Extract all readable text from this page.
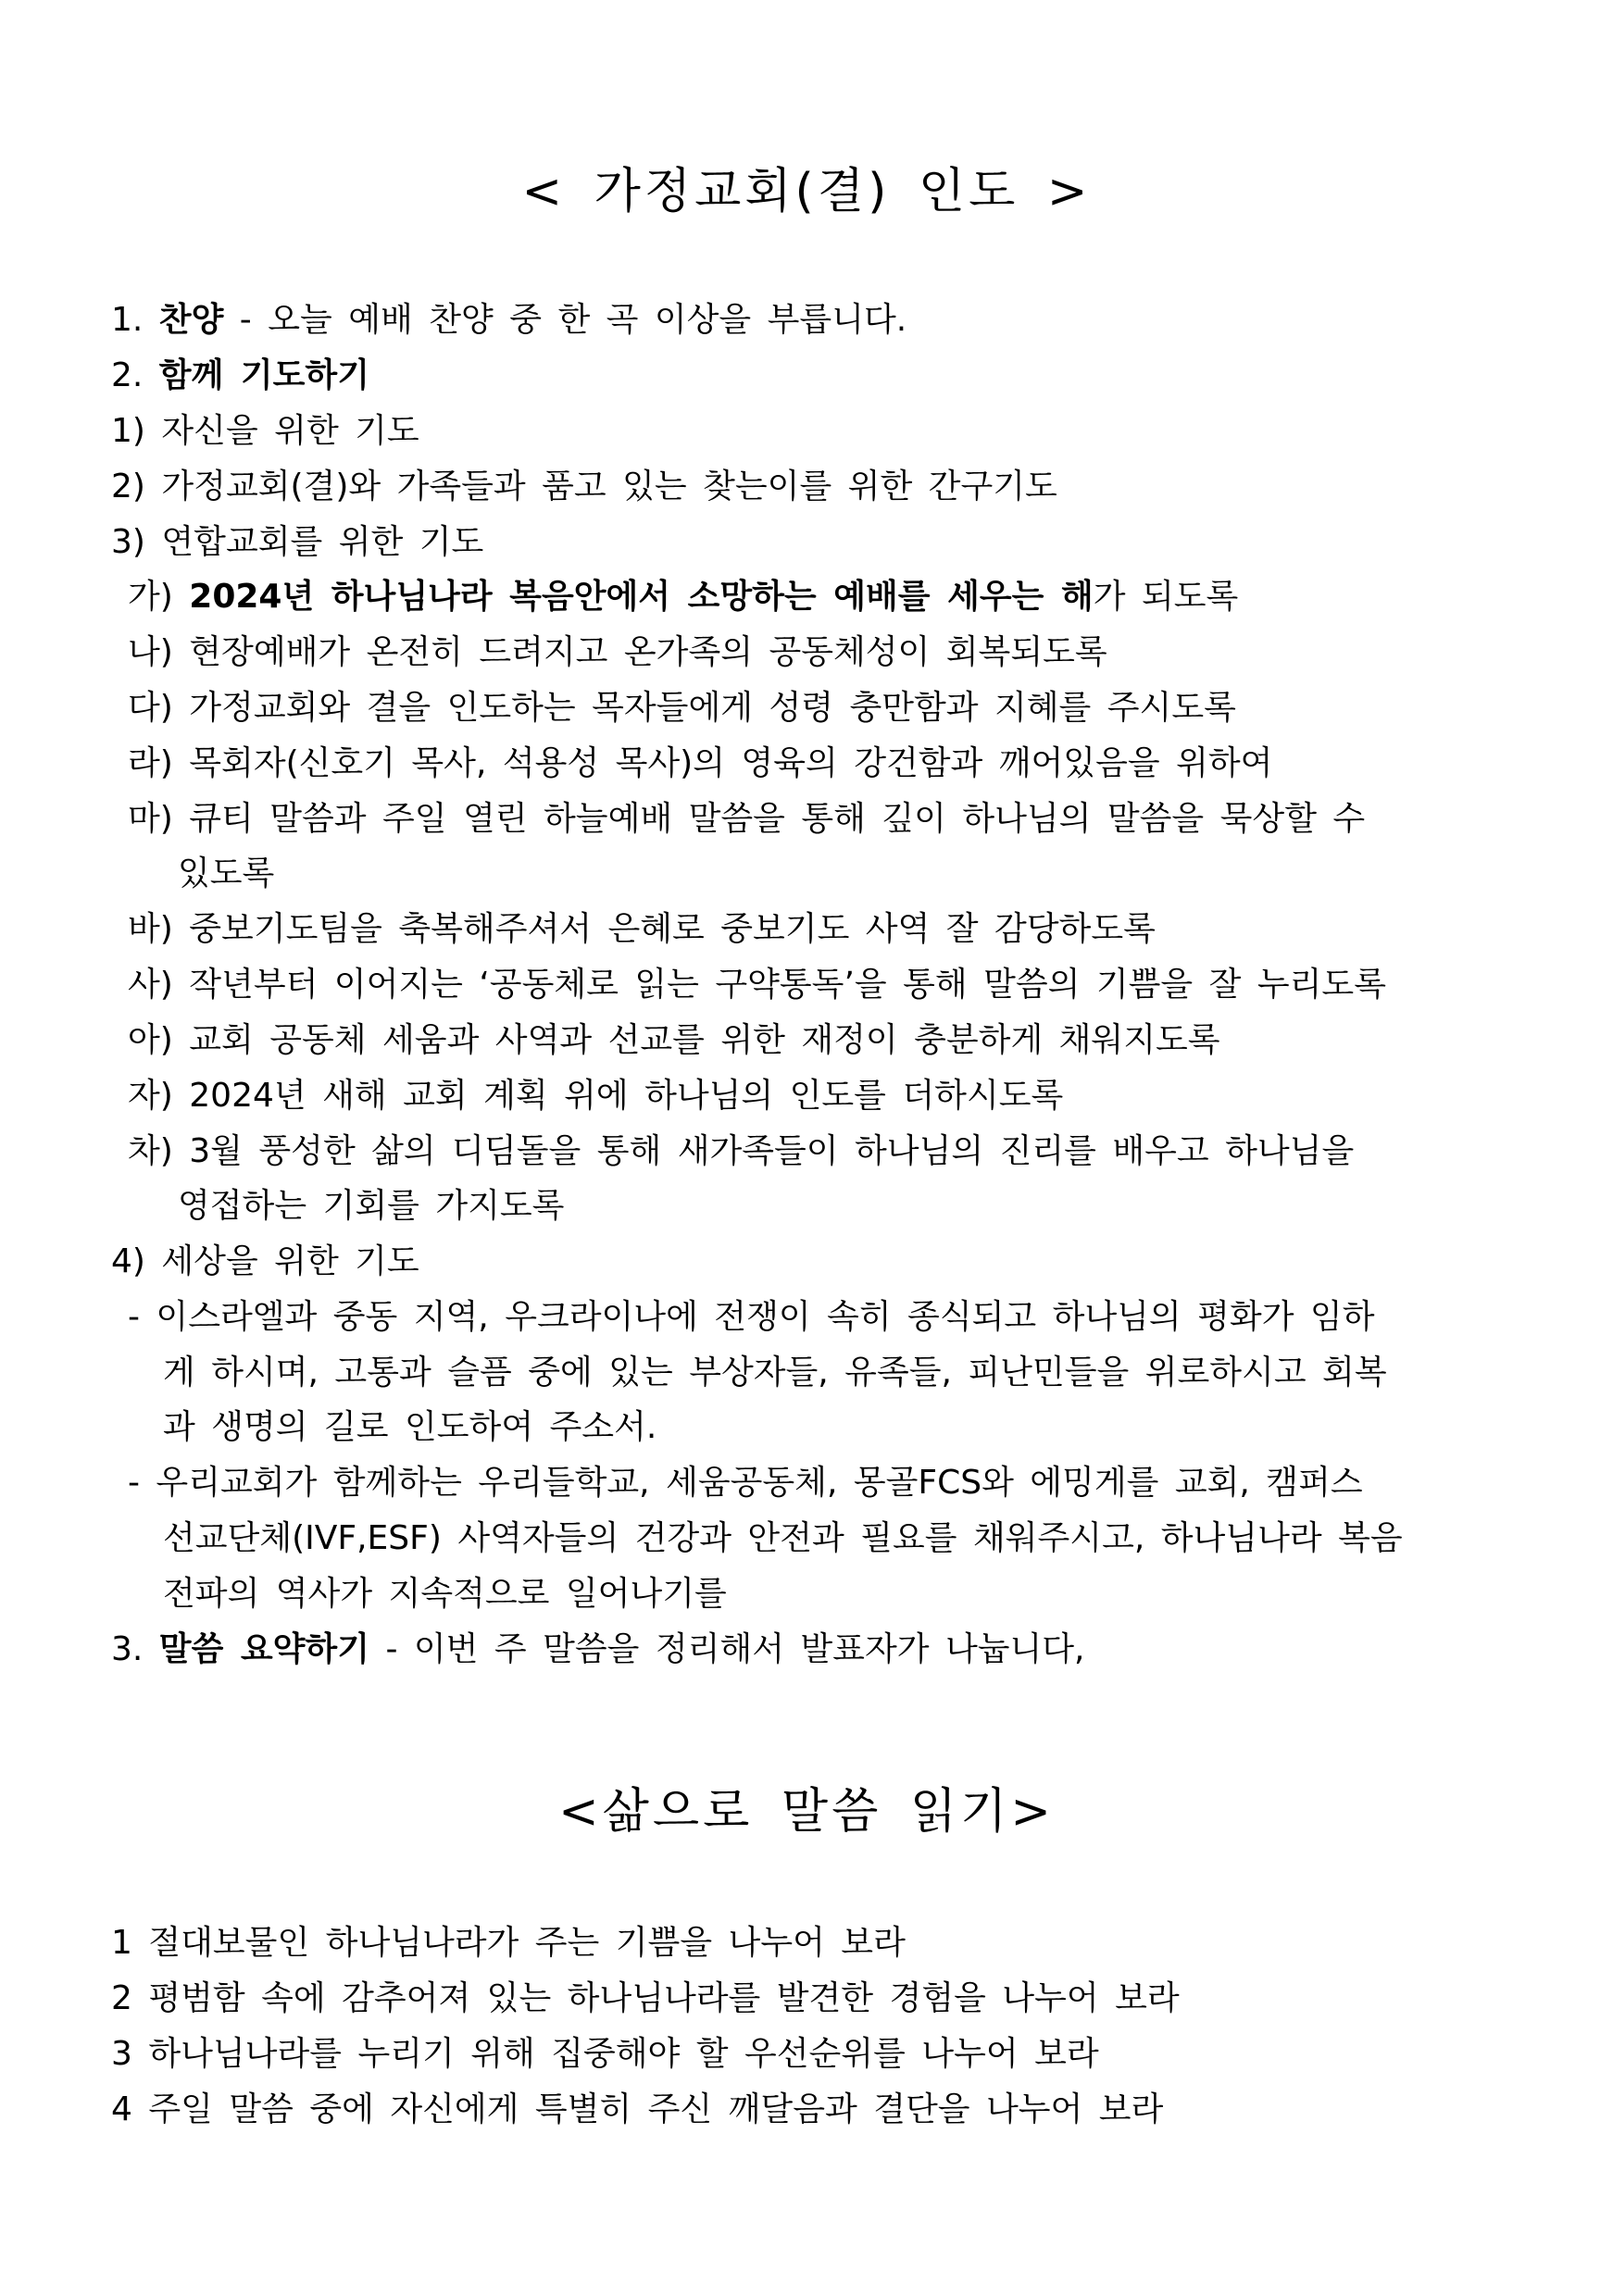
< 가정교회(결) 인도 >
1. 찬양 - 오늘 예배 찬양 중 한 곡 이상을 부릅니다.
2. 함께 기도하기
1) 자신을 위한 기도
2) 가정교회(결)와 가족들과 품고 있는 찾는이를 위한 간구기도
3) 연합교회를 위한 기도
가) 2024년 하나님나라 복음안에서 소망하는 예배를 세우는 해가 되도록
나) 현장예배가 온전히 드려지고 온가족의 공동체성이 회복되도록
다) 가정교회와 결을 인도하는 목자들에게 성령 충만함과 지혜를 주시도록
라) 목회자(신호기 목사, 석용성 목사)의 영육의 강건함과 깨어있음을 위하여
마) 큐티 말씀과 주일 열린 하늘예배 말씀을 통해 깊이 하나님의 말씀을 묵상할 수
있도록
바) 중보기도팀을 축복해주셔서 은혜로 중보기도 사역 잘 감당하도록
사) 작년부터 이어지는 ‘공동체로 읽는 구약통독’을 통해 말씀의 기쁨을 잘 누리도록
아) 교회 공동체 세움과 사역과 선교를 위한 재정이 충분하게 채워지도록
자) 2024년 새해 교회 계획 위에 하나님의 인도를 더하시도록
차) 3월 풍성한 삶의 디딤돌을 통해 새가족들이 하나님의 진리를 배우고 하나님을
영접하는 기회를 가지도록
4) 세상을 위한 기도
- 이스라엘과 중동 지역, 우크라이나에 전쟁이 속히 종식되고 하나님의 평화가 임하
게 하시며, 고통과 슬픔 중에 있는 부상자들, 유족들, 피난민들을 위로하시고 회복
과 생명의 길로 인도하여 주소서.
- 우리교회가 함께하는 우리들학교, 세움공동체, 몽골FCS와 에밍게를 교회, 캠퍼스
선교단체(IVF,ESF) 사역자들의 건강과 안전과 필요를 채워주시고, 하나님나라 복음
전파의 역사가 지속적으로 일어나기를
3. 말씀 요약하기 - 이번 주 말씀을 정리해서 발표자가 나눕니다,
<삶으로 말씀 읽기>
1 절대보물인 하나님나라가 주는 기쁨을 나누어 보라
2 평범함 속에 감추어져 있는 하나님나라를 발견한 경험을 나누어 보라
3 하나님나라를 누리기 위해 집중해야 할 우선순위를 나누어 보라
4 주일 말씀 중에 자신에게 특별히 주신 깨달음과 결단을 나누어 보라
